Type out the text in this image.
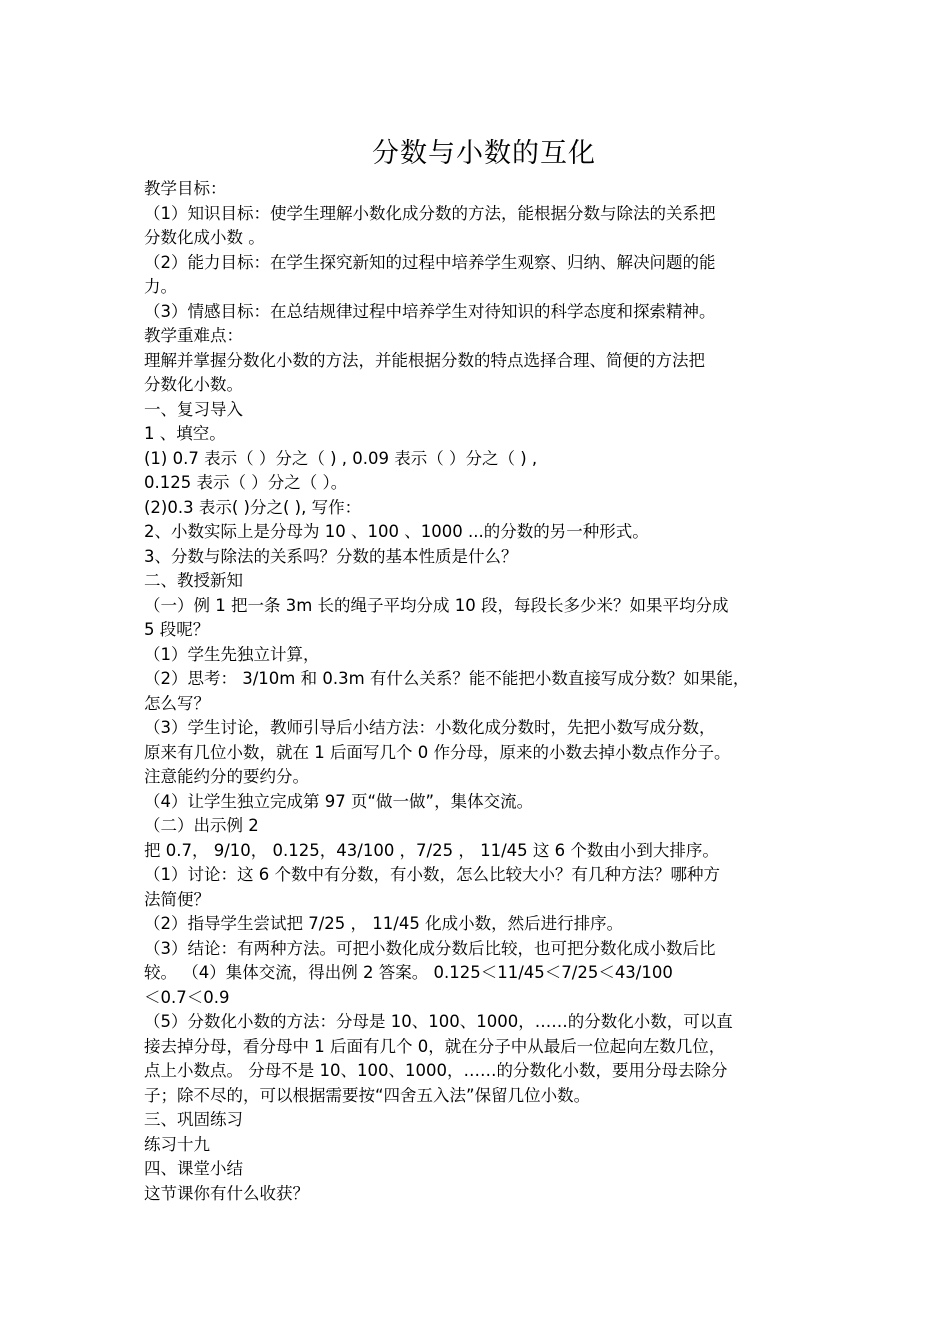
分数与小数的互化
教学目标：
（1）知识目标：使学生理解小数化成分数的方法，能根据分数与除法的关系把
分数化成小数 。
（2）能力目标：在学生探究新知的过程中培养学生观察、归纳、解决问题的能
力。
（3）情感目标：在总结规律过程中培养学生对待知识的科学态度和探索精神。
教学重难点：
理解并掌握分数化小数的方法，并能根据分数的特点选择合理、简便的方法把
分数化小数。
一、复习导入
1 、填空。
(1) 0.7 表示（ ）分之（ ) , 0.09 表示（ ）分之（ ) ,
0.125 表示（ ）分之（ ）。
(2)0.3 表示( )分之( ), 写作：
2、小数实际上是分母为 10 、100 、1000 ...的分数的另一种形式。
3、分数与除法的关系吗？分数的基本性质是什么？
二、教授新知
（一）例 1 把一条 3m 长的绳子平均分成 10 段，每段长多少米？如果平均分成
5 段呢？
（1）学生先独立计算，
（2）思考： 3/10m 和 0.3m 有什么关系？能不能把小数直接写成分数？如果能，
怎么写？
（3）学生讨论，教师引导后小结方法：小数化成分数时，先把小数写成分数，
原来有几位小数，就在 1 后面写几个 0 作分母，原来的小数去掉小数点作分子。
注意能约分的要约分。
（4）让学生独立完成第 97 页“做一做”，集体交流。
（二）出示例 2
把 0.7， 9/10， 0.125，43/100 ，7/25 ， 11/45 这 6 个数由小到大排序。
（1）讨论：这 6 个数中有分数，有小数，怎么比较大小？有几种方法？哪种方
法简便？
（2）指导学生尝试把 7/25 ， 11/45 化成小数，然后进行排序。
（3）结论：有两种方法。可把小数化成分数后比较，也可把分数化成小数后比
较。 （4）集体交流，得出例 2 答案。 0.125＜11/45＜7/25＜43/100
＜0.7＜0.9
（5）分数化小数的方法：分母是 10、100、1000，……的分数化小数，可以直
接去掉分母，看分母中 1 后面有几个 0，就在分子中从最后一位起向左数几位，
点上小数点。 分母不是 10、100、1000，……的分数化小数，要用分母去除分
子；除不尽的，可以根据需要按“四舍五入法”保留几位小数。
三、巩固练习
练习十九
四、课堂小结
这节课你有什么收获？
